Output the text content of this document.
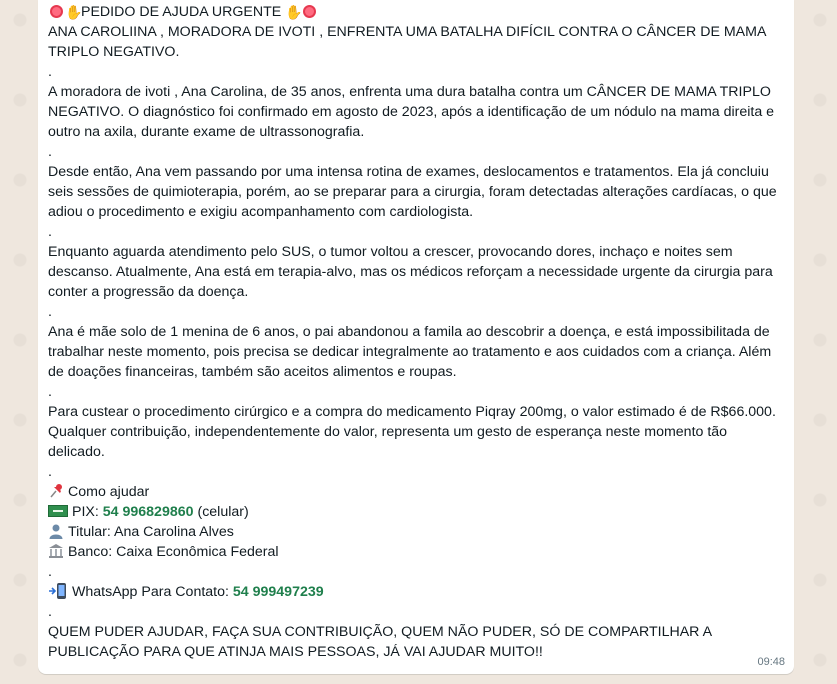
✋PEDIDO DE AJUDA URGENTE ✋
ANA CAROLIINA , MORADORA DE IVOTI , ENFRENTA UMA BATALHA DIFÍCIL CONTRA O CÂNCER DE MAMA TRIPLO NEGATIVO.
.
A moradora de ivoti , Ana Carolina, de 35 anos, enfrenta uma dura batalha contra um CÂNCER DE MAMA TRIPLO NEGATIVO. O diagnóstico foi confirmado em agosto de 2023, após a identificação de um nódulo na mama direita e outro na axila, durante exame de ultrassonografia.
.
Desde então, Ana vem passando por uma intensa rotina de exames, deslocamentos e tratamentos. Ela já concluiu seis sessões de quimioterapia, porém, ao se preparar para a cirurgia, foram detectadas alterações cardíacas, o que adiou o procedimento e exigiu acompanhamento com cardiologista.
.
Enquanto aguarda atendimento pelo SUS, o tumor voltou a crescer, provocando dores, inchaço e noites sem descanso. Atualmente, Ana está em terapia-alvo, mas os médicos reforçam a necessidade urgente da cirurgia para conter a progressão da doença.
.
Ana é mãe solo de 1 menina de 6 anos, o pai abandonou a famila ao descobrir a doença, e está impossibilitada de trabalhar neste momento, pois precisa se dedicar integralmente ao tratamento e aos cuidados com a criança. Além de doações financeiras, também são aceitos alimentos e roupas.
.
Para custear o procedimento cirúrgico e a compra do medicamento Piqray 200mg, o valor estimado é de R$66.000. Qualquer contribuição, independentemente do valor, representa um gesto de esperança neste momento tão delicado.
.
Como ajudar
PIX: 54 996829860 (celular)
Titular: Ana Carolina Alves
Banco: Caixa Econômica Federal
.
WhatsApp Para Contato: 54 999497239
.
QUEM PUDER AJUDAR, FAÇA SUA CONTRIBUIÇÃO, QUEM NÃO PUDER, SÓ DE COMPARTILHAR A PUBLICAÇÃO PARA QUE ATINJA MAIS PESSOAS, JÁ VAI AJUDAR MUITO!!
09:48
